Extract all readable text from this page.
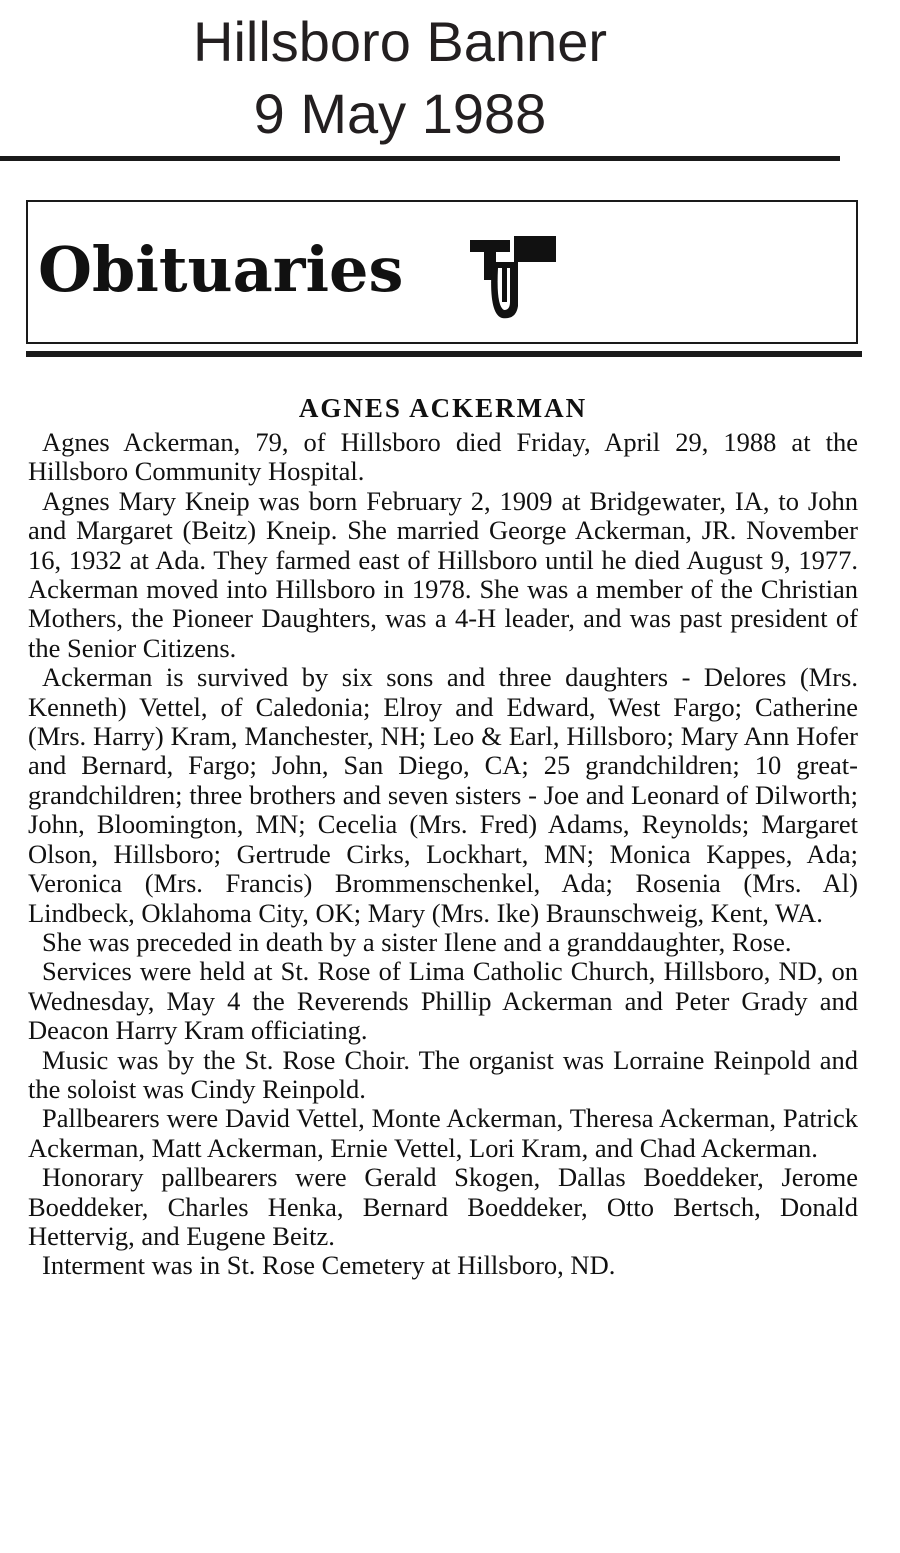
Hillsboro Banner
9 May 1988
Obituaries
AGNES ACKERMAN

Agnes Ackerman, 79, of Hillsboro died Friday, April 29, 1988 at the Hillsboro Community Hospital.

Agnes Mary Kneip was born February 2, 1909 at Bridgewater, IA, to John and Margaret (Beitz) Kneip. She married George Ackerman, JR. November 16, 1932 at Ada. They farmed east of Hillsboro until he died August 9, 1977. Ackerman moved into Hillsboro in 1978. She was a member of the Christian Mothers, the Pioneer Daughters, was a 4-H leader, and was past president of the Senior Citizens.

Ackerman is survived by six sons and three daughters - Delores (Mrs. Kenneth) Vettel, of Caledonia; Elroy and Edward, West Fargo; Catherine (Mrs. Harry) Kram, Manchester, NH; Leo & Earl, Hillsboro; Mary Ann Hofer and Bernard, Fargo; John, San Diego, CA; 25 grandchildren; 10 great-grandchildren; three brothers and seven sisters - Joe and Leonard of Dilworth; John, Bloomington, MN; Cecelia (Mrs. Fred) Adams, Reynolds; Margaret Olson, Hillsboro; Gertrude Cirks, Lockhart, MN; Monica Kappes, Ada; Veronica (Mrs. Francis) Brommenschenkel, Ada; Rosenia (Mrs. Al) Lindbeck, Oklahoma City, OK; Mary (Mrs. Ike) Braunschweig, Kent, WA.

She was preceded in death by a sister Ilene and a granddaughter, Rose.

Services were held at St. Rose of Lima Catholic Church, Hillsboro, ND, on Wednesday, May 4 the Reverends Phillip Ackerman and Peter Grady and Deacon Harry Kram officiating.

Music was by the St. Rose Choir. The organist was Lorraine Reinpold and the soloist was Cindy Reinpold.

Pallbearers were David Vettel, Monte Ackerman, Theresa Ackerman, Patrick Ackerman, Matt Ackerman, Ernie Vettel, Lori Kram, and Chad Ackerman.

Honorary pallbearers were Gerald Skogen, Dallas Boeddeker, Jerome Boeddeker, Charles Henka, Bernard Boeddeker, Otto Bertsch, Donald Hettervig, and Eugene Beitz.

Interment was in St. Rose Cemetery at Hillsboro, ND.
